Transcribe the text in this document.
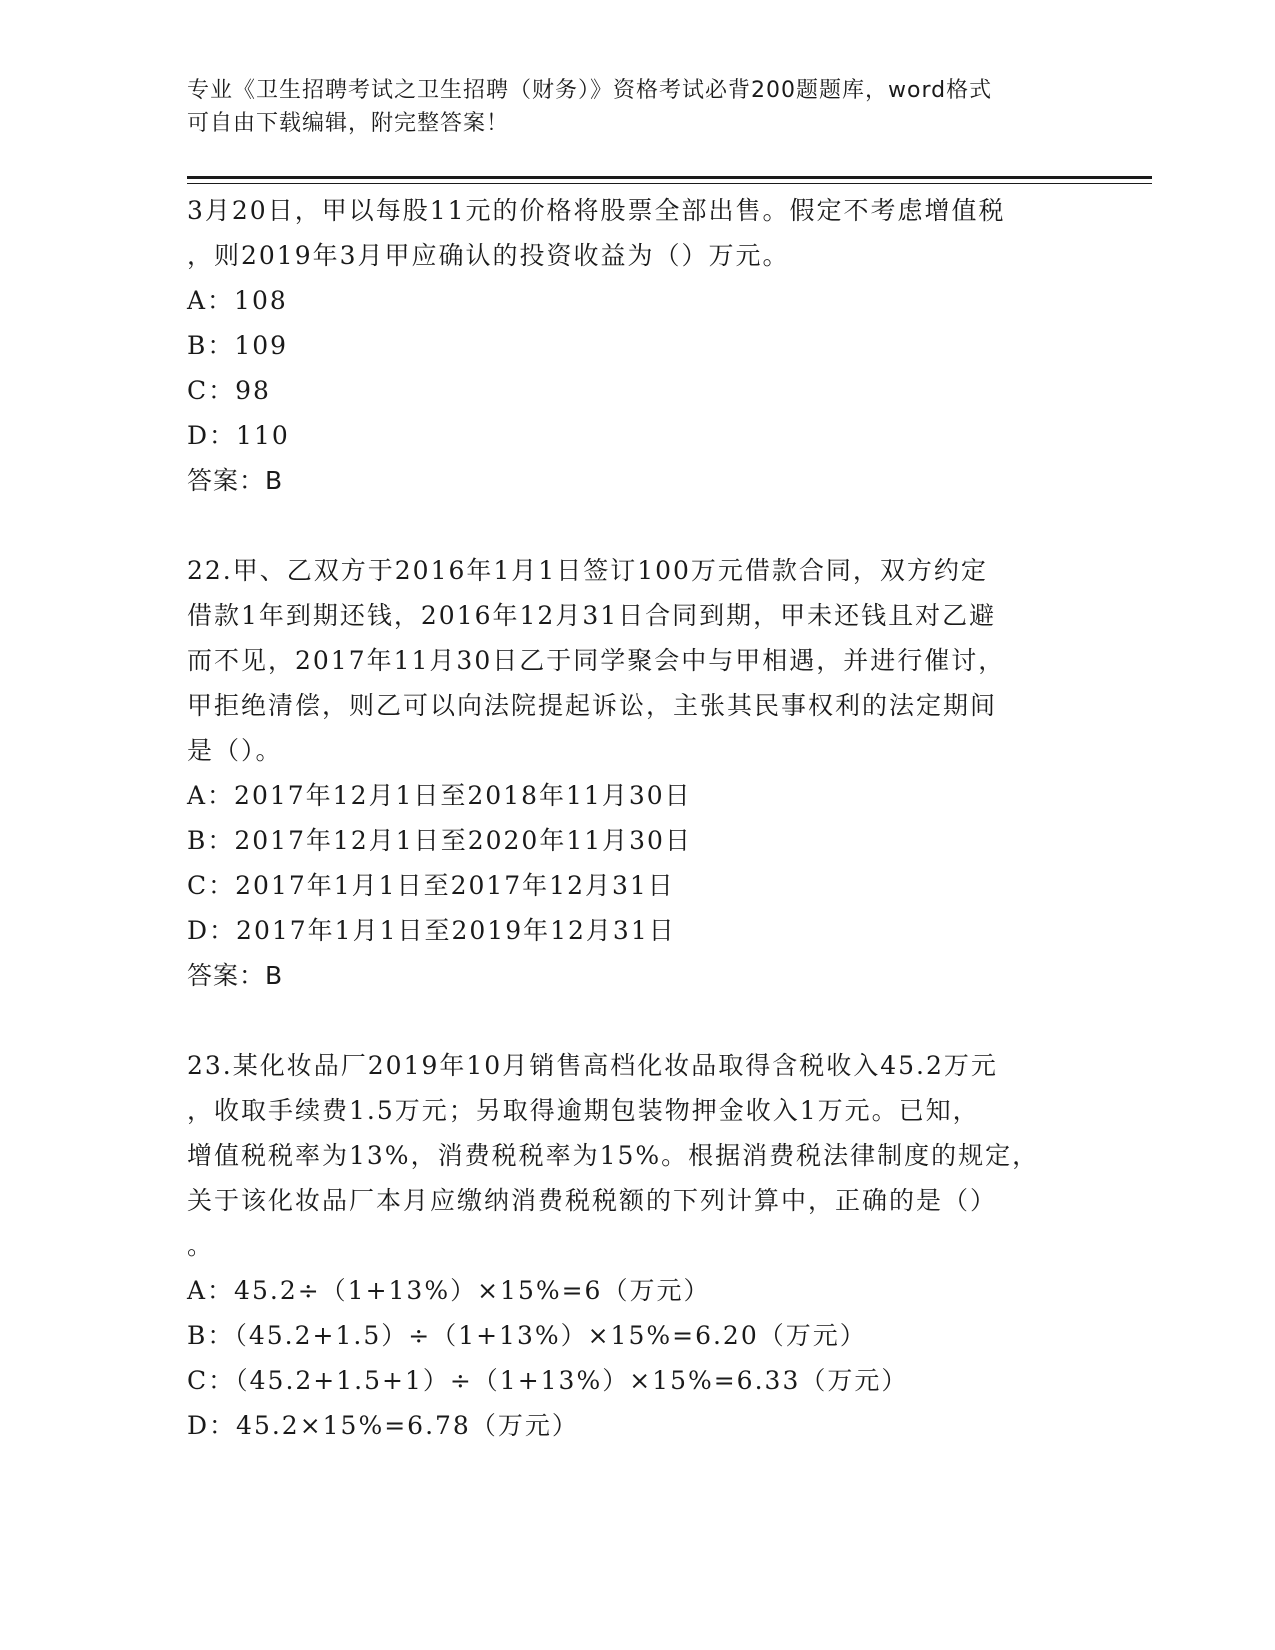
专业《卫生招聘考试之卫生招聘（财务）》资格考试必背200题题库，word格式
可自由下载编辑，附完整答案！
3月20日，甲以每股11元的价格将股票全部出售。假定不考虑增值税
，则2019年3月甲应确认的投资收益为（）万元。
A：108
B：109
C：98
D：110
答案：B
22.甲、乙双方于2016年1月1日签订100万元借款合同，双方约定
借款1年到期还钱，2016年12月31日合同到期，甲未还钱且对乙避
而不见，2017年11月30日乙于同学聚会中与甲相遇，并进行催讨，
甲拒绝清偿，则乙可以向法院提起诉讼，主张其民事权利的法定期间
是（）。
A：2017年12月1日至2018年11月30日
B：2017年12月1日至2020年11月30日
C：2017年1月1日至2017年12月31日
D：2017年1月1日至2019年12月31日
答案：B
23.某化妆品厂2019年10月销售高档化妆品取得含税收入45.2万元
，收取手续费1.5万元；另取得逾期包装物押金收入1万元。已知，
增值税税率为13%，消费税税率为15%。根据消费税法律制度的规定，
关于该化妆品厂本月应缴纳消费税税额的下列计算中，正确的是（）
。
A：45.2÷（1+13%）×15%=6（万元）
B：（45.2+1.5）÷（1+13%）×15%=6.20（万元）
C：（45.2+1.5+1）÷（1+13%）×15%=6.33（万元）
D：45.2×15%=6.78（万元）
